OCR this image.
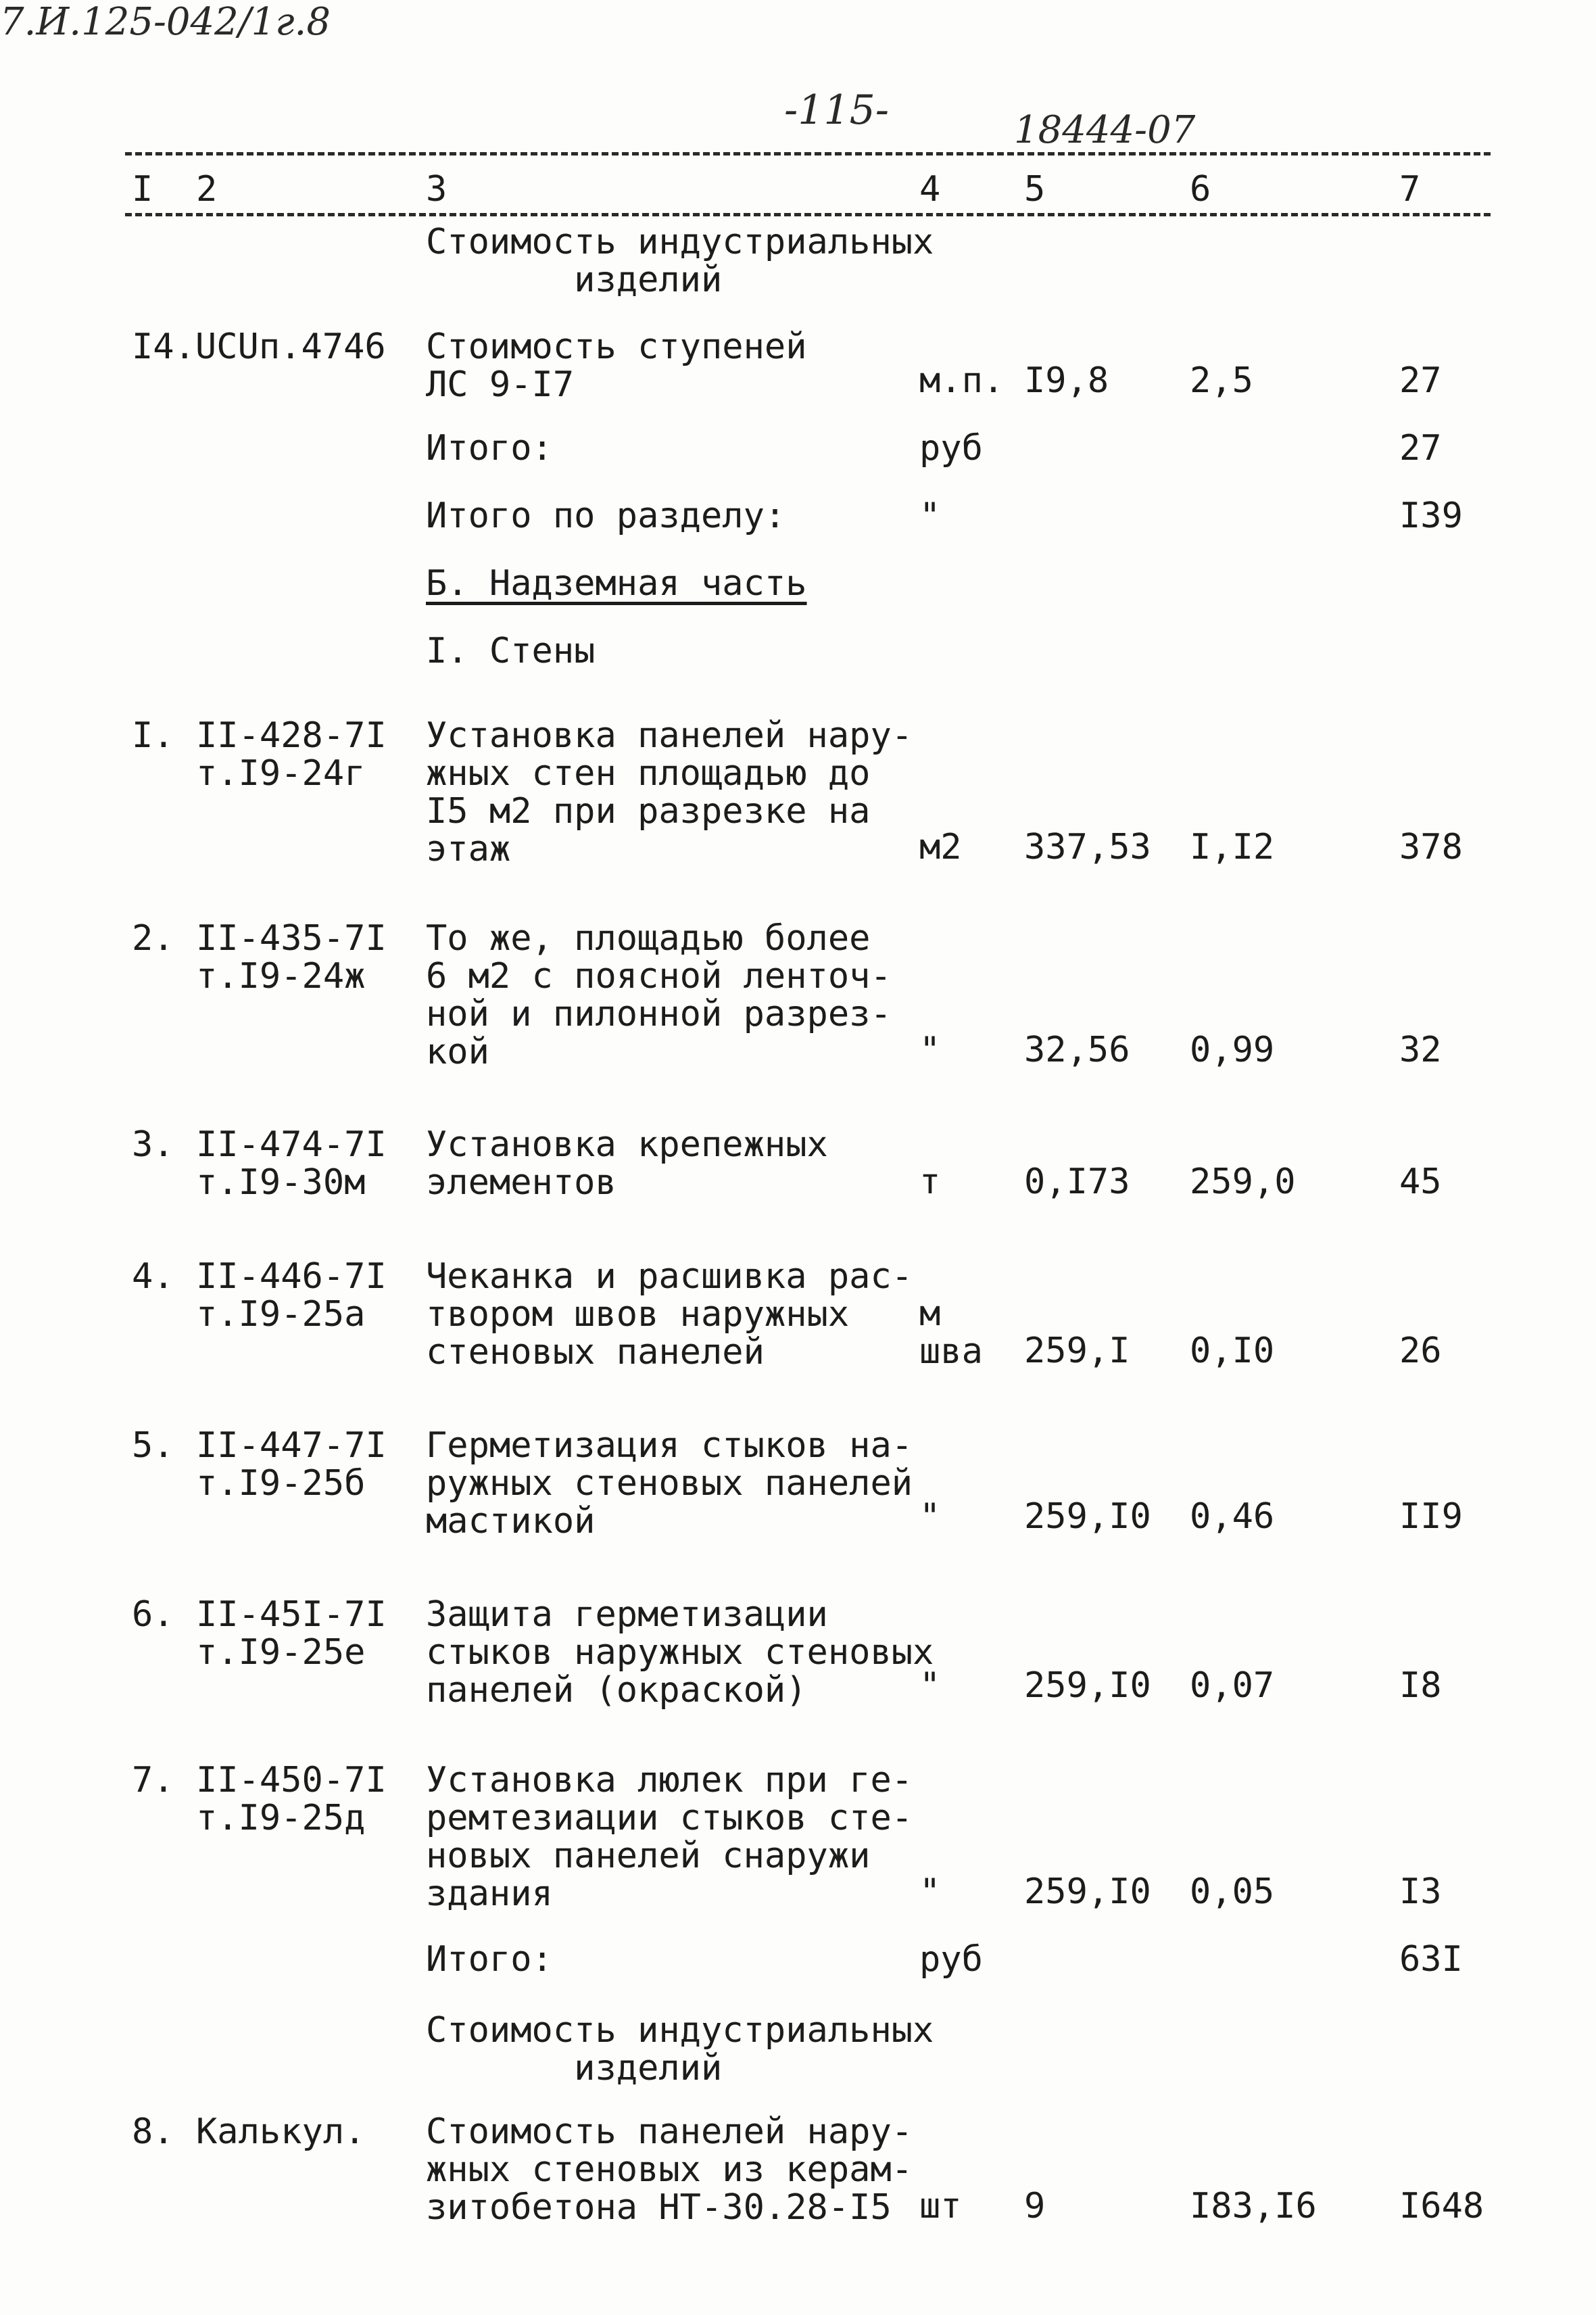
7.И.125-042/1г.8
-115-	18444-07
I 2	3	4 5	6	7
Стоимость индустриальных
изделий
I4.UCUп.4746 Стоимость ступеней
ЛС 9-I7	м.п. I9,8 2,5	27
Итого:	руб	27
Итого по разделу:	"	I39
Б. Надземная часть
I. Стены
I. II-428-7I
т.I9-24г
Установка панелей нару-
жных стен площадью до
I5 м2 при разрезке на
этаж	м2 337,53 I,I2	378
2. II-435-7I
т.I9-24ж
То же, площадью более
6 м2 с поясной ленточ-
ной и пилонной разрез-
кой	" 32,56 0,99	32
3. II-474-7I
т.I9-30м
Установка крепежных
элементов	т 0,I73 259,0	45
4. II-446-7I
т.I9-25а
Чеканка и расшивка рас-
твором швов наружных
стеновых панелей
м
шва 259,I 0,I0	26
5. II-447-7I
т.I9-25б
Герметизация стыков на-
ружных стеновых панелей
мастикой	" 259,I0 0,46	II9
6. II-45I-7I
т.I9-25е
Защита герметизации
стыков наружных стеновых
панелей (окраской)	" 259,I0 0,07	I8
7. II-450-7I
т.I9-25д
Установка люлек при ге-
ремтезиации стыков сте-
новых панелей снаружи
здания	" 259,I0 0,05	I3
Итого:	руб	63I
Стоимость индустриальных
изделий
8. Калькул. Стоимость панелей нару-
жных стеновых из керам-
зитобетона НТ-30.28-I5 шт 9	I83,I6 I648
